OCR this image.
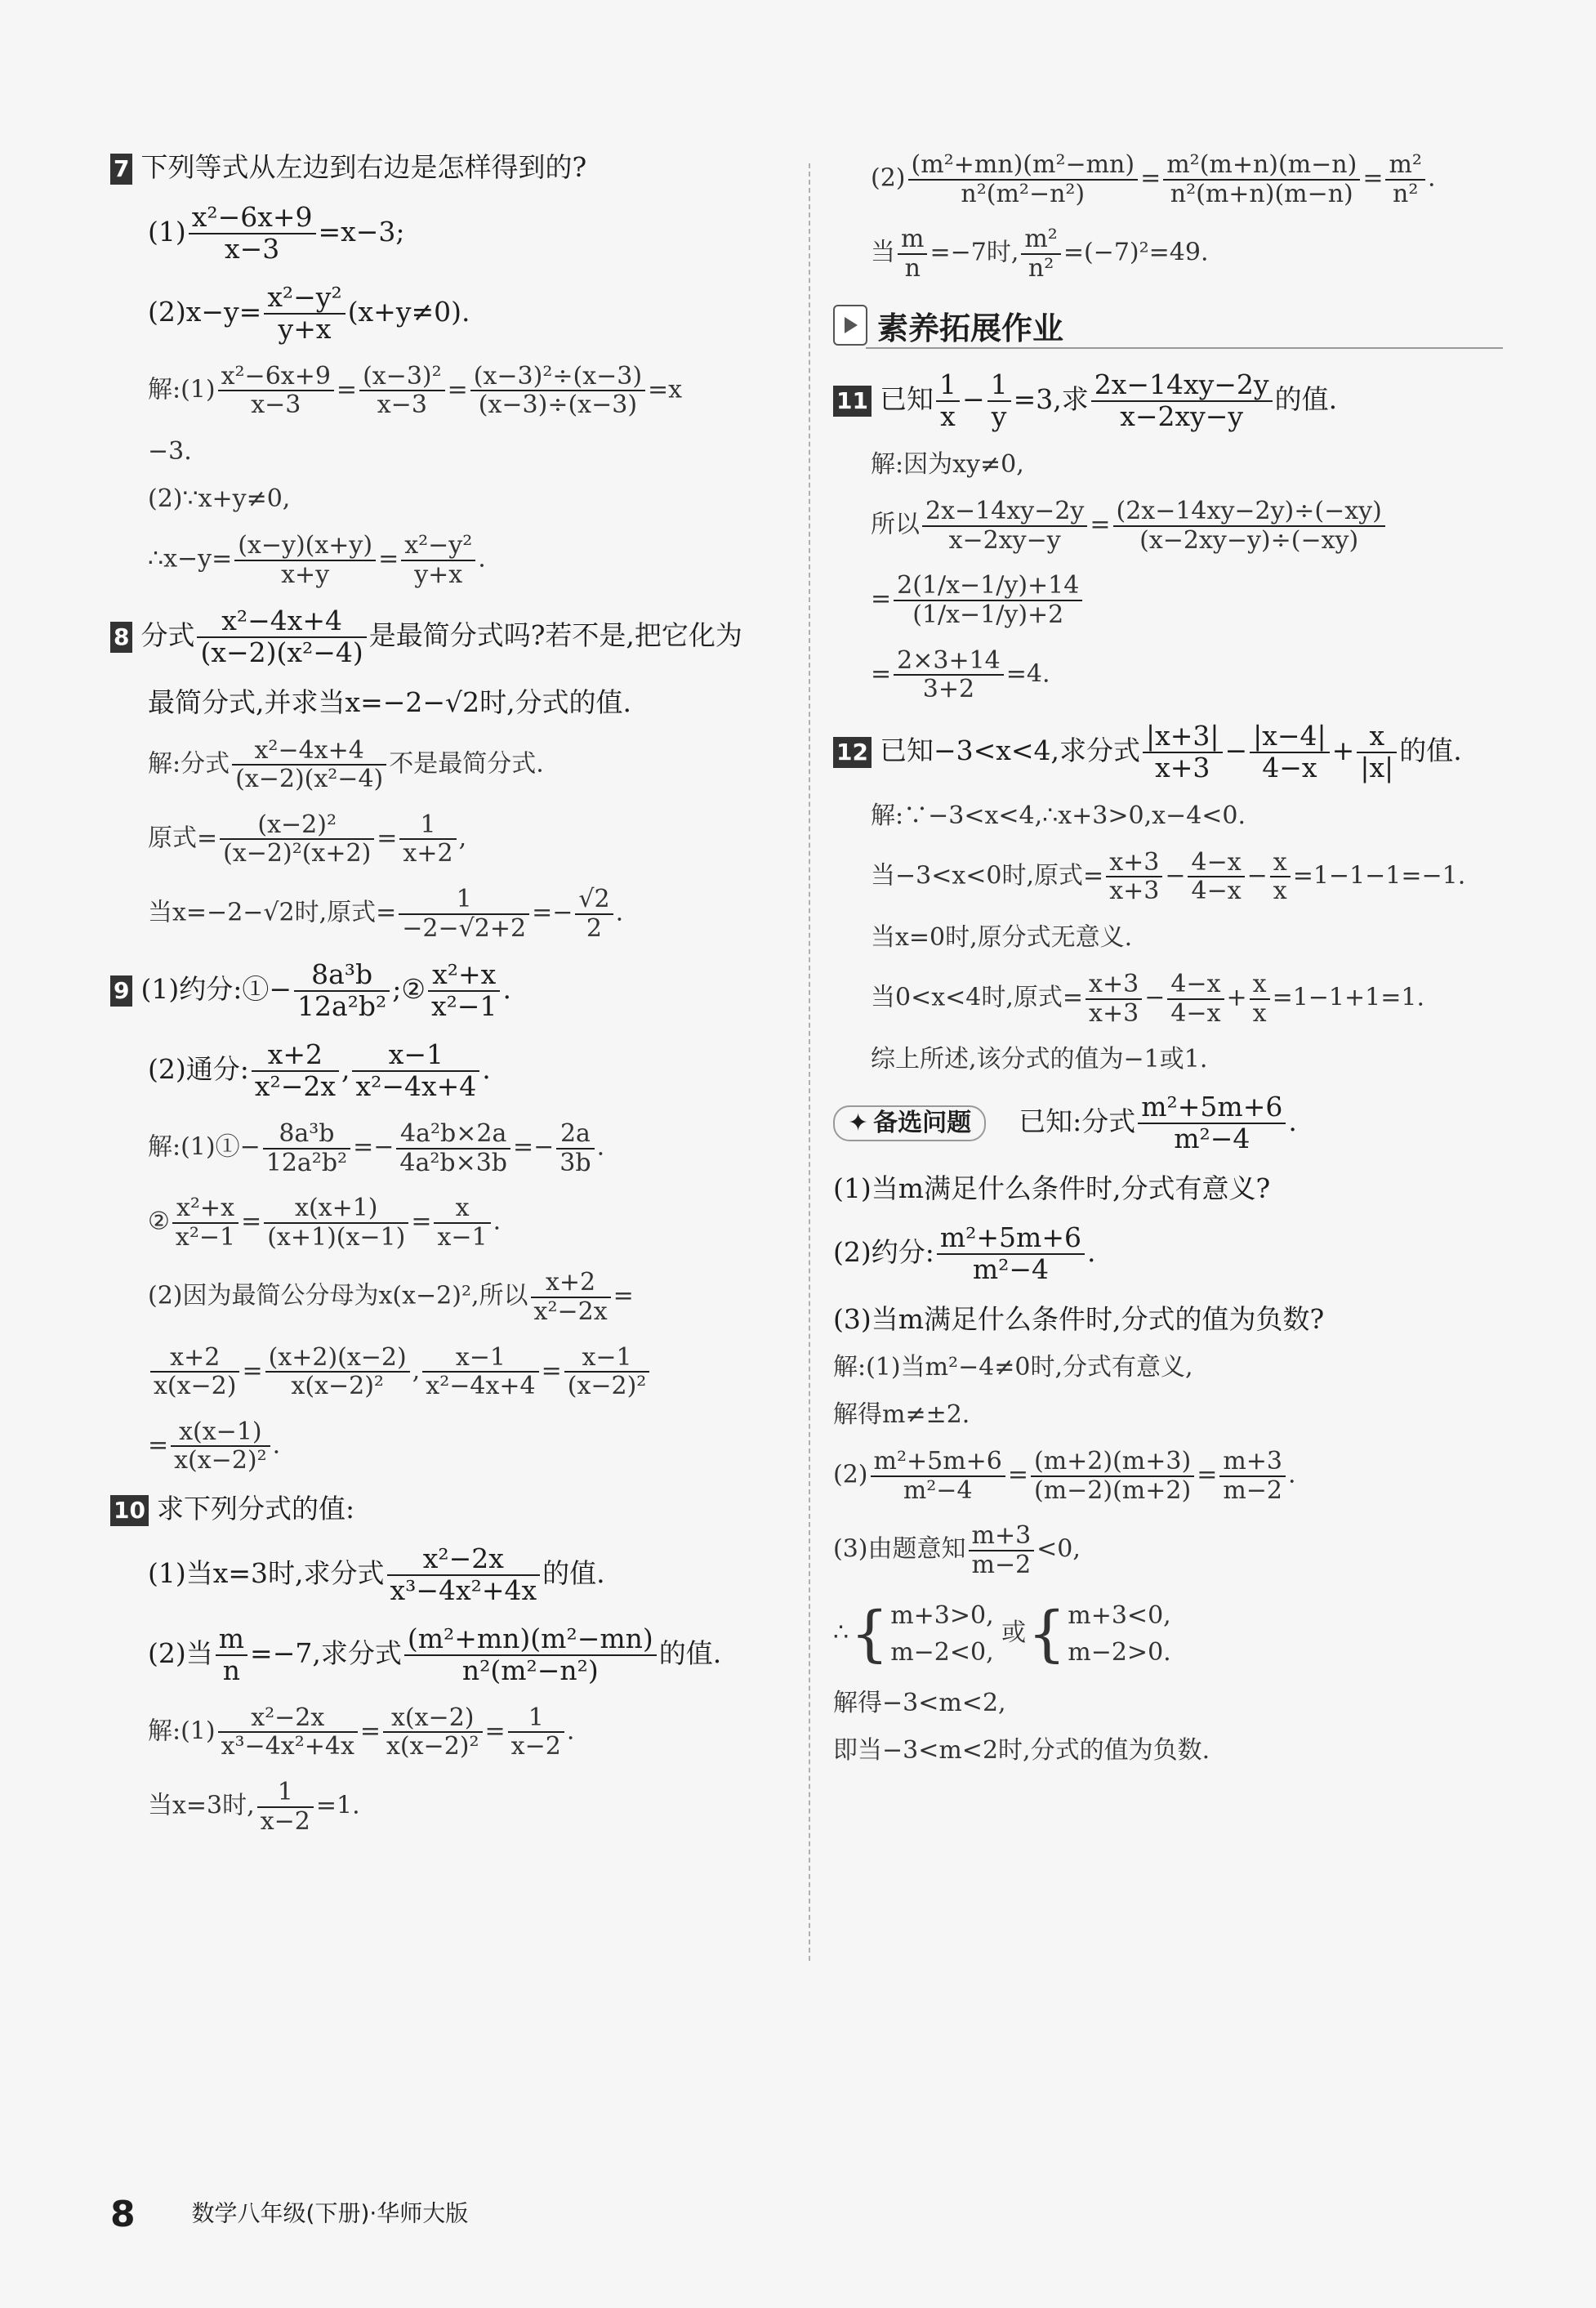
7 下列等式从左边到右边是怎样得到的?
$(1) \frac{\text{x²−6x+9}}{x-3} =x-3$;
$(2)x-y= \frac{\text{x²−y²}}{y+x} (x+y\ne 0)$.
解:(1) $\frac{\text{x²−6x+9}}{x-3} = \frac{\text{(x−3)²}}{x-3} = \frac{\text{(x−3)²÷(x−3)}}{(x-3)\div(x-3)} =x$
−3.
(2)∵x+y≠0,
∴x−y= $\frac{(x-y)(x+y)}{x+y} = \frac{\text{x²−y²}}{y+x}$ .
8 分式 $\frac{\text{x²−4x+4}}{\text{(x−2)(x²−4)}}$ 是最简分式吗?若不是,把它化为
最简分式,并求当x=−2−√2时,分式的值.
解:分式 $\frac{\text{x²−4x+4}}{\text{(x−2)(x²−4)}}$ 不是最简分式.
原式= $\frac{\text{(x−2)²}}{\text{(x−2)²(x+2)}} = \frac{1}{x+2}$ ,
当x=−2−√2时,原式= $\frac{1}{-2-√2+2} =- \frac{√2}{2}$ .
9 (1)约分:①− $\frac{\text{8a³b}}{\text{12a²b²}}$ ;② $\frac{\text{x²+x}}{\text{x²−1}}$ .
(2)通分: $\frac{x+2}{\text{x²−2x}}$ , $\frac{x-1}{\text{x²−4x+4}}$ .
解:(1)①− $\frac{\text{8a³b}}{\text{12a²b²}} =- \frac{\text{4a²b×2a}}{\text{4a²b×3b}} =- \frac{2a}{3b}$ .
② $\frac{\text{x²+x}}{\text{x²−1}} = \frac{x(x+1)}{(x+1)(x-1)} = \frac{x}{x-1}$ .
(2)因为最简公分母为x(x−2)²,所以 $\frac{x+2}{\text{x²−2x}}$ =
$\frac{x+2}{x(x-2)} = \frac{(x+2)(x-2)}{\text{x(x−2)²}}$ , $\frac{x-1}{\text{x²−4x+4}} = \frac{x-1}{\text{(x−2)²}}$
= $\frac{x(x-1)}{\text{x(x−2)²}}$ .
10 求下列分式的值:
(1)当x=3时,求分式 $\frac{\text{x²−2x}}{\text{x³−4x²+4x}}$ 的值.
(2)当 $\frac{m}{n} =-7$,求分式 $\frac{\text{(m²+mn)(m²−mn)}}{\text{n²(m²−n²)}}$ 的值.
解:(1) $\frac{\text{x²−2x}}{\text{x³−4x²+4x}} = \frac{x(x-2)}{\text{x(x−2)²}} = \frac{1}{x-2}$ .
当x=3时, $\frac{1}{x-2} =1$.
$(2) \frac{\text{(m²+mn)(m²−mn)}}{\text{n²(m²−n²)}} = \frac{\text{m²(m+n)(m−n)}}{\text{n²(m+n)(m−n)}} = \frac{\text{m²}}{\text{n²}}$ .
当 $\frac{m}{n} =-7$时, $\frac{\text{m²}}{\text{n²}} =(-7)^2=49$.
素养拓展作业
11 已知 $\frac{1}{x} - \frac{1}{y} =3$,求 $\frac{2x-14xy-2y}{x-2xy-y}$ 的值.
解:因为xy≠0,
所以 $\frac{2x-14xy-2y}{x-2xy-y} = \frac{(2x-14xy-2y)\div(-xy)}{(x-2xy-y)\div(-xy)}$
= $\frac{2(1/x-1/y)+14}{(1/x-1/y)+2}$
= $\frac{2\times 3+14}{3+2} =4$.
12 已知−3<x<4,求分式 $\frac{|x+3|}{x+3} - \frac{|x-4|}{4-x} + \frac{x}{|x|}$ 的值.
解:∵−3<x<4,∴x+3>0,x−4<0.
当−3<x<0时,原式= $\frac{x+3}{x+3} - \frac{4-x}{4-x} - \frac{x}{x} =1-1-1=-1$.
当x=0时,原分式无意义.
当0<x<4时,原式= $\frac{x+3}{x+3} - \frac{4-x}{4-x} + \frac{x}{x} =1-1+1=1$.
综上所述,该分式的值为−1或1.
✦ 备选问题 已知:分式 $\frac{\text{m²+5m+6}}{\text{m²−4}}$ .
(1)当m满足什么条件时,分式有意义?
(2)约分: $\frac{\text{m²+5m+6}}{\text{m²−4}}$ .
(3)当m满足什么条件时,分式的值为负数?
解:(1)当m²−4≠0时,分式有意义,
解得m≠±2.
$(2) \frac{\text{m²+5m+6}}{\text{m²−4}} = \frac{(m+2)(m+3)}{(m-2)(m+2)} = \frac{m+3}{m-2}$ .
(3)由题意知 $\frac{m+3}{m-2} <0$,
∴{ m+3>0,
m−2<0,
或{ m+3<0,
m−2>0.
解得−3<m<2,
即当−3<m<2时,分式的值为负数.
8 数学八年级(下册)·华师大版
